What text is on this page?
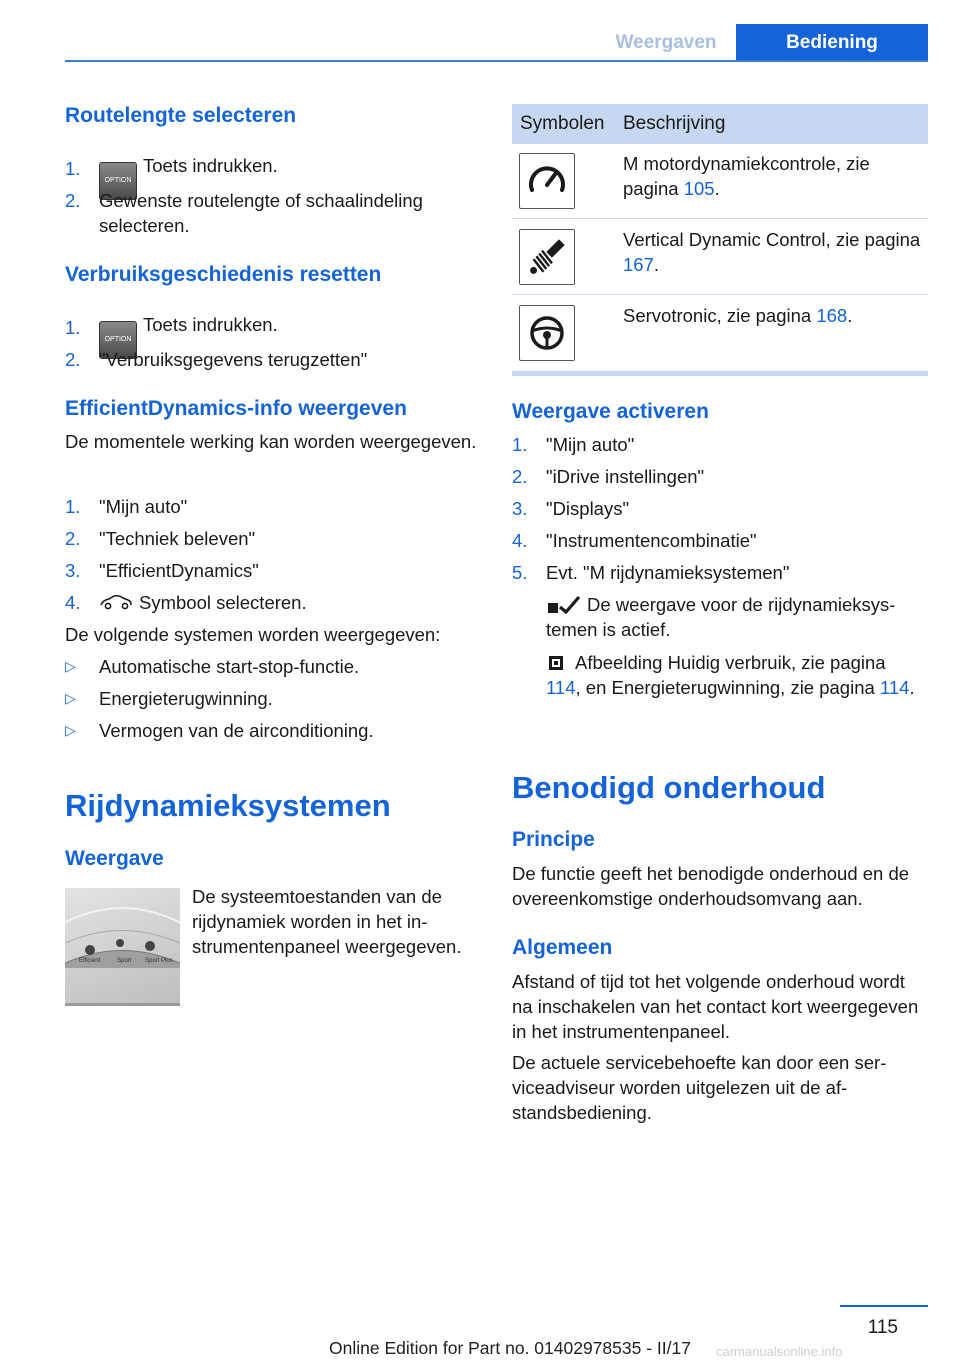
Weergaven	Bediening
Routelengte selecteren
1.
OPTIONToets indrukken.
2. Gewenste routelengte of schaalindeling selecteren.
Verbruiksgeschiedenis resetten
1.
OPTIONToets indrukken.
2. "Verbruiksgegevens terugzetten"
EfficientDynamics-info weergeven
De momentele werking kan worden weergegeven.
1. "Mijn auto"
2. "Techniek beleven"
3. "EfficientDynamics"
4.	Symbool selecteren.
De volgende systemen worden weergegeven:
▷ Automatische start-stop-functie.
▷ Energieterugwinning.
▷ Vermogen van de airconditioning.
Rijdynamieksystemen
Weergave
Efficient	Sport Sport Plus
De systeemtoestanden van de rijdynamiek worden in het instrumentenpaneel weergegeven.
Symbolen Beschrijving
M motordynamiekcontrole, zie pagina 105.
Vertical Dynamic Control, zie pagina 167.
Servotronic, zie pagina 168.
Weergave activeren
1. "Mijn auto"
2. "iDrive instellingen"
3. "Displays"
4. "Instrumentencombinatie"
5. Evt. "M rijdynamieksystemen"
De weergave voor de rijdynamieksystemen is actief.
Afbeelding Huidig verbruik, zie pagina 114, en Energieterugwinning, zie pagina 114.
Benodigd onderhoud
Principe
De functie geeft het benodigde onderhoud en de overeenkomstige onderhoudsomvang aan.
Algemeen
Afstand of tijd tot het volgende onderhoud wordt na inschakelen van het contact kort weergegeven in het instrumentenpaneel.
De actuele servicebehoefte kan door een serviceadviseur worden uitgelezen uit de afstandsbediening.
115
Online Edition for Part no. 01402978535 - II/17	carmanualsonline.info
